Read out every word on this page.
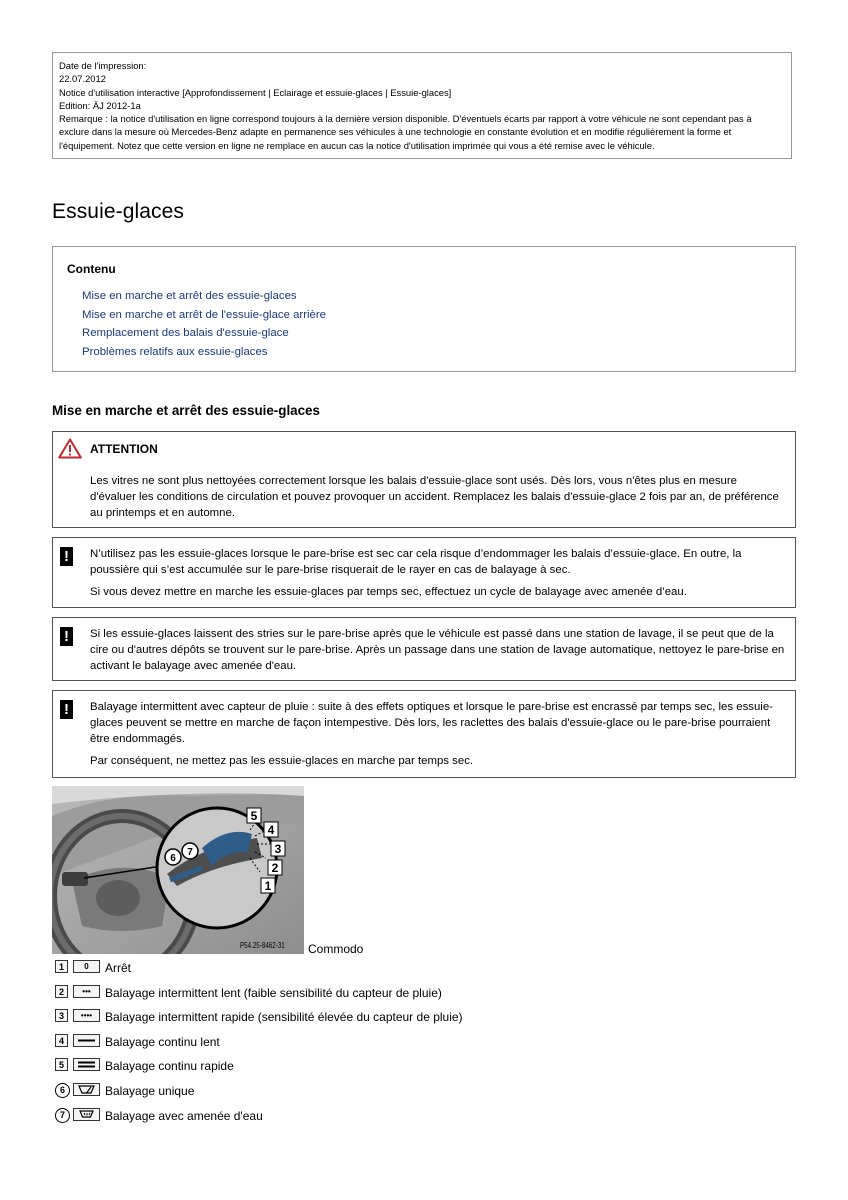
Date de l'impression:
22.07.2012
Notice d'utilisation interactive [Approfondissement | Eclairage et essuie-glaces | Essuie-glaces]
Edition: ÄJ 2012-1a
Remarque : la notice d'utilisation en ligne correspond toujours à la dernière version disponible. D'éventuels écarts par rapport à votre véhicule ne sont cependant pas à exclure dans la mesure où Mercedes-Benz adapte en permanence ses véhicules à une technologie en constante évolution et en modifie régulièrement la forme et l'équipement. Notez que cette version en ligne ne remplace en aucun cas la notice d'utilisation imprimée qui vous a été remise avec le véhicule.
Essuie-glaces
Contenu
Mise en marche et arrêt des essuie-glaces
Mise en marche et arrêt de l'essuie-glace arrière
Remplacement des balais d'essuie-glace
Problèmes relatifs aux essuie-glaces
Mise en marche et arrêt des essuie-glaces

ATTENTION

Les vitres ne sont plus nettoyées correctement lorsque les balais d'essuie-glace sont usés. Dès lors, vous n'êtes plus en mesure d'évaluer les conditions de circulation et pouvez provoquer un accident. Remplacez les balais d'essuie-glace 2 fois par an, de préférence au printemps et en automne.

!	N’utilisez pas les essuie-glaces lorsque le pare-brise est sec car cela risque d’endommager les balais d’essuie-glace. En outre, la poussière qui s’est accumulée sur le pare-brise risquerait de le rayer en cas de balayage à sec.

Si vous devez mettre en marche les essuie-glaces par temps sec, effectuez un cycle de balayage avec amenée d’eau.

!	Si les essuie-glaces laissent des stries sur le pare-brise après que le véhicule est passé dans une station de lavage, il se peut que de la cire ou d'autres dépôts se trouvent sur le pare-brise. Après un passage dans une station de lavage automatique, nettoyez le pare-brise en activant le balayage avec amenée d'eau.

!	Balayage intermittent avec capteur de pluie : suite à des effets optiques et lorsque le pare-brise est encrassé par temps sec, les essuie-glaces peuvent se mettre en marche de façon intempestive. Dès lors, les raclettes des balais d'essuie-glace ou le pare-brise pourraient être endommagés.

Par conséquent, ne mettez pas les essuie-glaces en marche par temps sec.

5
4
3
2
1
6
7
P54.25-8462-31 Commodo
1	0	Arrêt
2	•••	Balayage intermittent lent (faible sensibilité du capteur de pluie)
3	••••	Balayage intermittent rapide (sensibilité élevée du capteur de pluie)
4	Balayage continu lent
5	Balayage continu rapide
6	Balayage unique
7	Balayage avec amenée d'eau
